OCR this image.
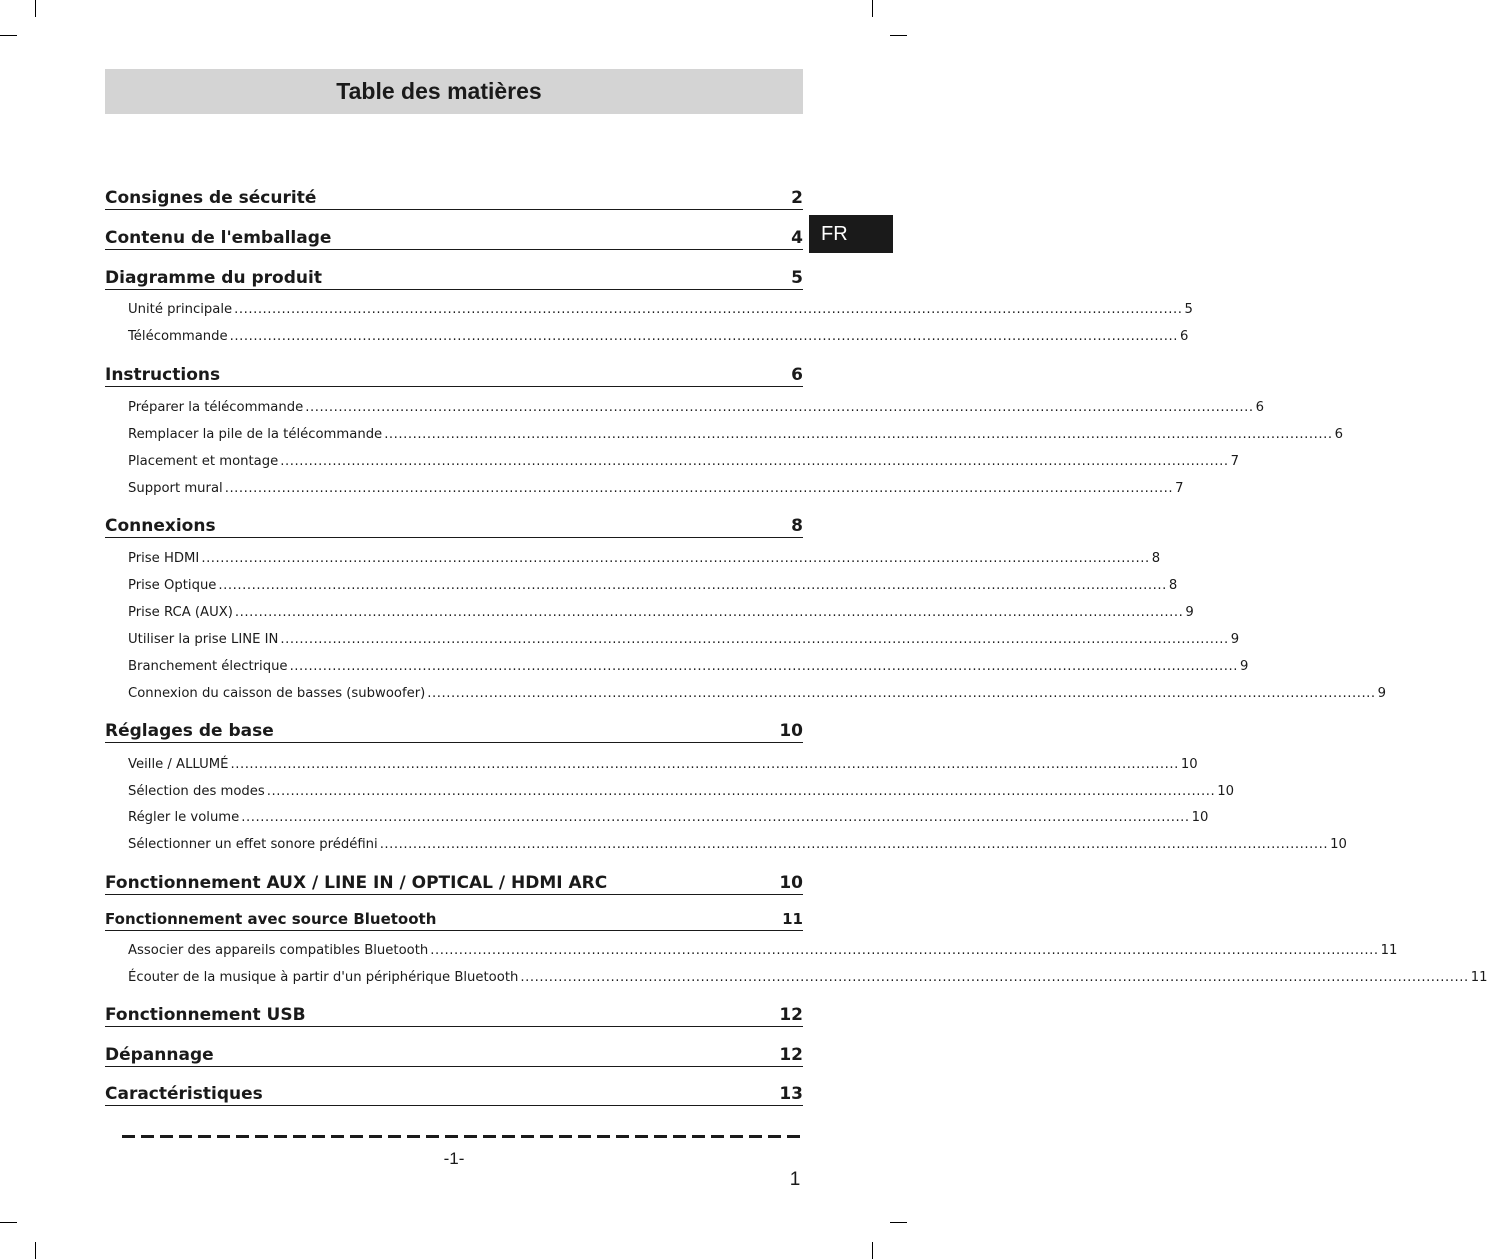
Table des matières
FR
Consignes de sécurité	2
Contenu de l'emballage	4
Diagramme du produit	5
Unité principale ........................................................................................................................................................................................................ 5
Télécommande ........................................................................................................................................................................................................ 6
Instructions	6
Préparer la télécommande ........................................................................................................................................................................................................ 6
Remplacer la pile de la télécommande ........................................................................................................................................................................................................ 6
Placement et montage ........................................................................................................................................................................................................ 7
Support mural ........................................................................................................................................................................................................ 7
Connexions	8
Prise HDMI ........................................................................................................................................................................................................ 8
Prise Optique ........................................................................................................................................................................................................ 8
Prise RCA (AUX) ........................................................................................................................................................................................................ 9
Utiliser la prise LINE IN ........................................................................................................................................................................................................ 9
Branchement électrique ........................................................................................................................................................................................................ 9
Connexion du caisson de basses (subwoofer) ........................................................................................................................................................................................................ 9
Réglages de base	10
Veille / ALLUMÉ ........................................................................................................................................................................................................ 10
Sélection des modes ........................................................................................................................................................................................................ 10
Régler le volume ........................................................................................................................................................................................................ 10
Sélectionner un effet sonore prédéfini ........................................................................................................................................................................................................ 10
Fonctionnement AUX / LINE IN / OPTICAL / HDMI ARC	10
Fonctionnement avec source Bluetooth	11
Associer des appareils compatibles Bluetooth ........................................................................................................................................................................................................ 11
Écouter de la musique à partir d'un périphérique Bluetooth ........................................................................................................................................................................................................ 11
Fonctionnement USB	12
Dépannage	12
Caractéristiques	13
-1-
1
